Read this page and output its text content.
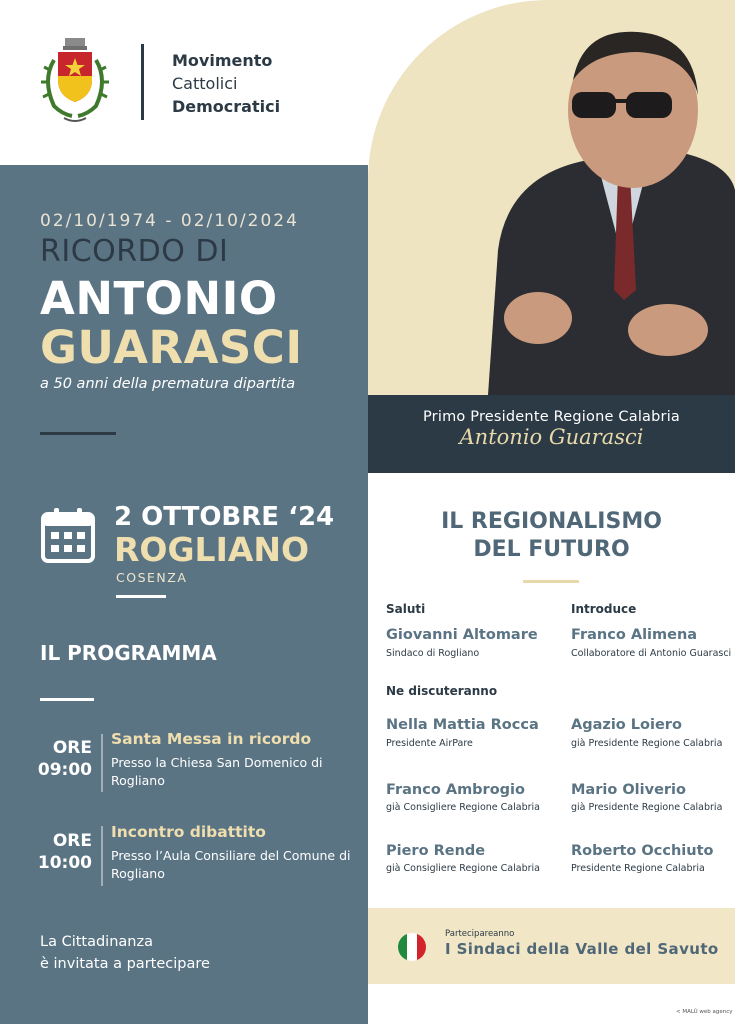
Movimento
Cattolici
Democratici
Primo Presidente Regione Calabria
Antonio Guarasci
02/10/1974 - 02/10/2024
RICORDO DI
ANTONIO
GUARASCI
a 50 anni della prematura dipartita
2 OTTOBRE ‘24
ROGLIANO
COSENZA
IL PROGRAMMA
ORE
09:00
Santa Messa in ricordo
Presso la Chiesa San Domenico di Rogliano
ORE
10:00
Incontro dibattito
Presso l’Aula Consiliare del Comune di Rogliano
La Cittadinanza
è invitata a partecipare
IL REGIONALISMO
DEL FUTURO
Saluti	Introduce
Giovanni Altomare
Sindaco di Rogliano
Franco Alimena
Collaboratore di Antonio Guarasci
Ne discuteranno
Nella Mattia Rocca
Presidente AirPare
Agazio Loiero
già Presidente Regione Calabria
Franco Ambrogio
già Consigliere Regione Calabria
Mario Oliverio
già Presidente Regione Calabria
Piero Rende
già Consigliere Regione Calabria
Roberto Occhiuto
Presidente Regione Calabria
Partecipareanno
I Sindaci della Valle del Savuto
< MALÙ web agency
